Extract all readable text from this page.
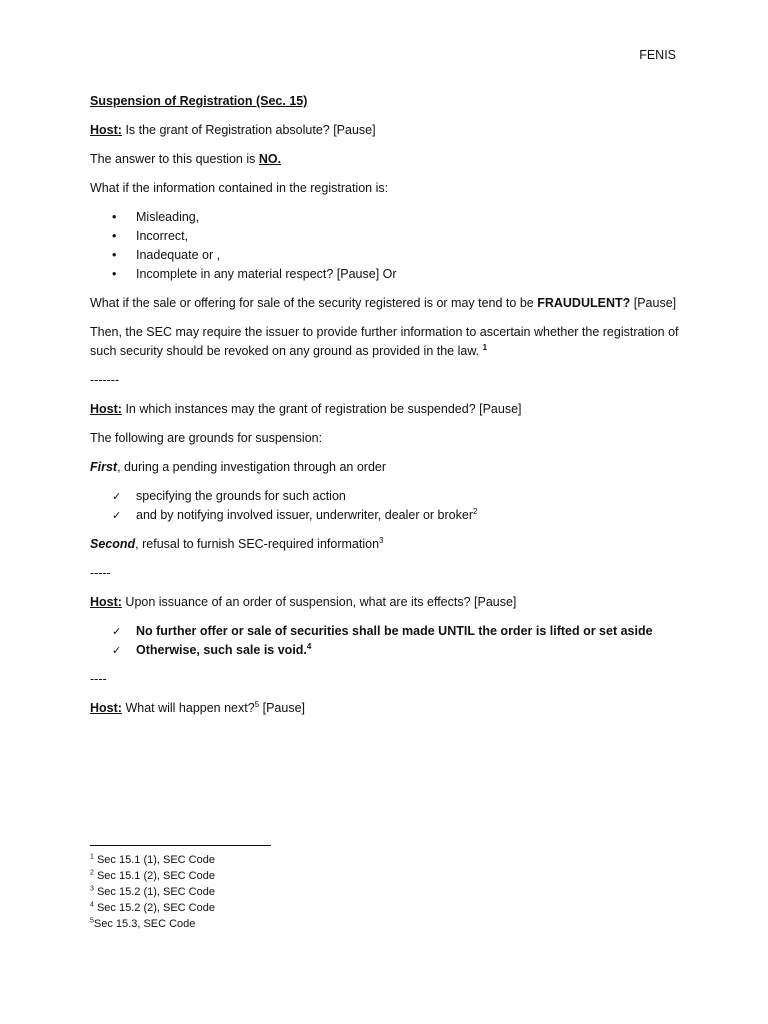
FENIS

Suspension of Registration (Sec. 15)

Host: Is the grant of Registration absolute? [Pause]

The answer to this question is NO.

What if the information contained in the registration is:

• Misleading,
• Incorrect,
• Inadequate or ,
• Incomplete in any material respect? [Pause] Or

What if the sale or offering for sale of the security registered is or may tend to be FRAUDULENT? [Pause]

Then, the SEC may require the issuer to provide further information to ascertain whether the registration of such security should be revoked on any ground as provided in the law. $^1$

-------

Host: In which instances may the grant of registration be suspended? [Pause]

The following are grounds for suspension:

First, during a pending investigation through an order

✓ specifying the grounds for such action
✓ and by notifying involved issuer, underwriter, dealer or broker$^2$

Second, refusal to furnish SEC-required information$^3$

-----

Host: Upon issuance of an order of suspension, what are its effects? [Pause]

✓ No further offer or sale of securities shall be made UNTIL the order is lifted or set aside
✓ Otherwise, such sale is void.$^4$

----

Host: What will happen next?$^5$ [Pause]

$^1$ Sec 15.1 (1), SEC Code
$^2$ Sec 15.1 (2), SEC Code
$^3$ Sec 15.2 (1), SEC Code
$^4$ Sec 15.2 (2), SEC Code
$^5$Sec 15.3, SEC Code
